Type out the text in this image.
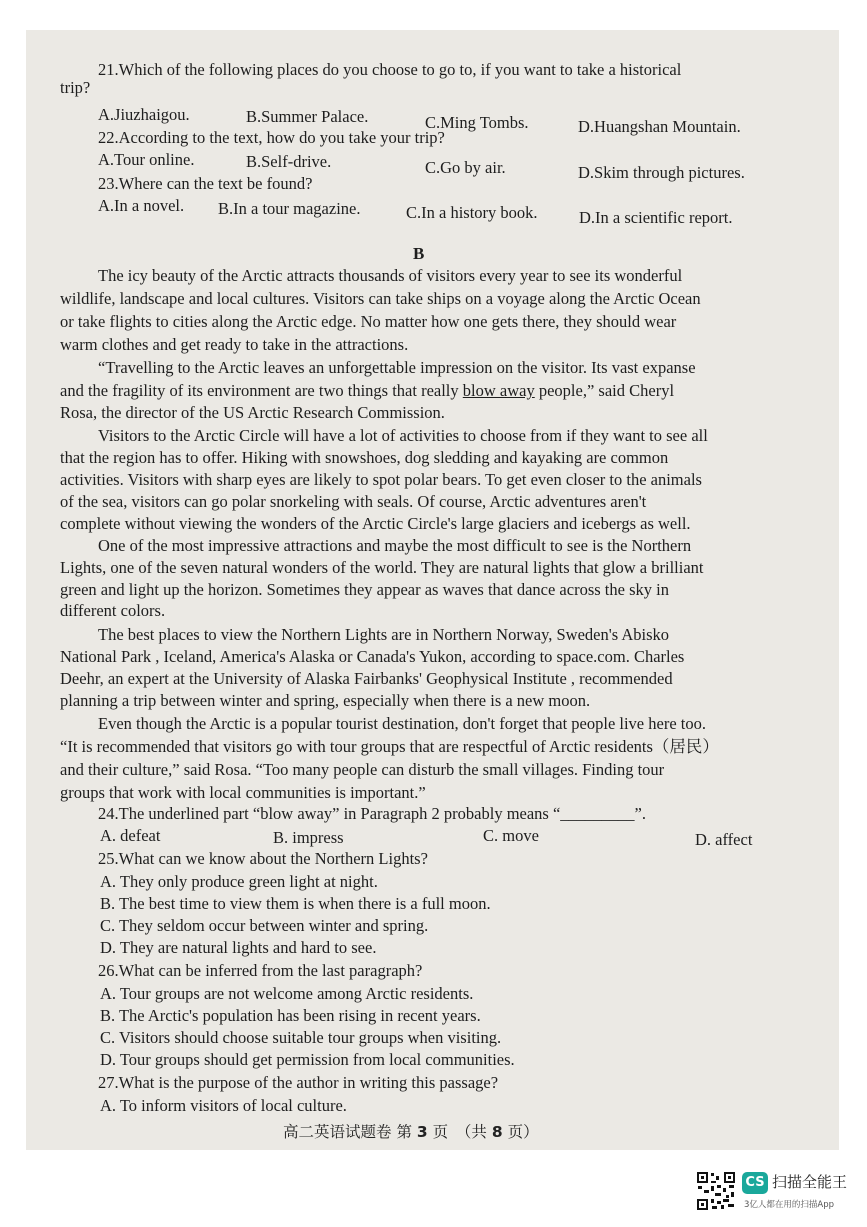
21.Which of the following places do you choose to go to, if you want to take a historical
trip?
A.Jiuzhaigou.	B.Summer Palace.	C.Ming Tombs.	D.Huangshan Mountain.
22.According to the text, how do you take your trip?
A.Tour online.	B.Self-drive.	C.Go by air.	D.Skim through pictures.
23.Where can the text be found?
A.In a novel. B.In a tour magazine.	C.In a history book.	D.In a scientific report.
B
The icy beauty of the Arctic attracts thousands of visitors every year to see its wonderful
wildlife, landscape and local cultures. Visitors can take ships on a voyage along the Arctic Ocean
or take flights to cities along the Arctic edge. No matter how one gets there, they should wear
warm clothes and get ready to take in the attractions.
“Travelling to the Arctic leaves an unforgettable impression on the visitor. Its vast expanse
and the fragility of its environment are two things that really blow away people,” said Cheryl
Rosa, the director of the US Arctic Research Commission.
Visitors to the Arctic Circle will have a lot of activities to choose from if they want to see all
that the region has to offer. Hiking with snowshoes, dog sledding and kayaking are common
activities. Visitors with sharp eyes are likely to spot polar bears. To get even closer to the animals
of the sea, visitors can go polar snorkeling with seals. Of course, Arctic adventures aren't
complete without viewing the wonders of the Arctic Circle's large glaciers and icebergs as well.
One of the most impressive attractions and maybe the most difficult to see is the Northern
Lights, one of the seven natural wonders of the world. They are natural lights that glow a brilliant
green and light up the horizon. Sometimes they appear as waves that dance across the sky in
different colors.
The best places to view the Northern Lights are in Northern Norway, Sweden's Abisko
National Park , Iceland, America's Alaska or Canada's Yukon, according to space.com. Charles
Deehr, an expert at the University of Alaska Fairbanks' Geophysical Institute , recommended
planning a trip between winter and spring, especially when there is a new moon.
Even though the Arctic is a popular tourist destination, don't forget that people live here too.
“It is recommended that visitors go with tour groups that are respectful of Arctic residents（居民）
and their culture,” said Rosa. “Too many people can disturb the small villages. Finding tour
groups that work with local communities is important.”
24.The underlined part “blow away” in Paragraph 2 probably means “_________”.
A. defeat	B. impress	C. move	D. affect
25.What can we know about the Northern Lights?
A. They only produce green light at night.
B. The best time to view them is when there is a full moon.
C. They seldom occur between winter and spring.
D. They are natural lights and hard to see.
26.What can be inferred from the last paragraph?
A. Tour groups are not welcome among Arctic residents.
B. The Arctic's population has been rising in recent years.
C. Visitors should choose suitable tour groups when visiting.
D. Tour groups should get permission from local communities.
27.What is the purpose of the author in writing this passage?
A. To inform visitors of local culture.
高二英语试题卷 第 3 页　（共 8 页）
CS 扫描全能王
3亿人都在用的扫描App
